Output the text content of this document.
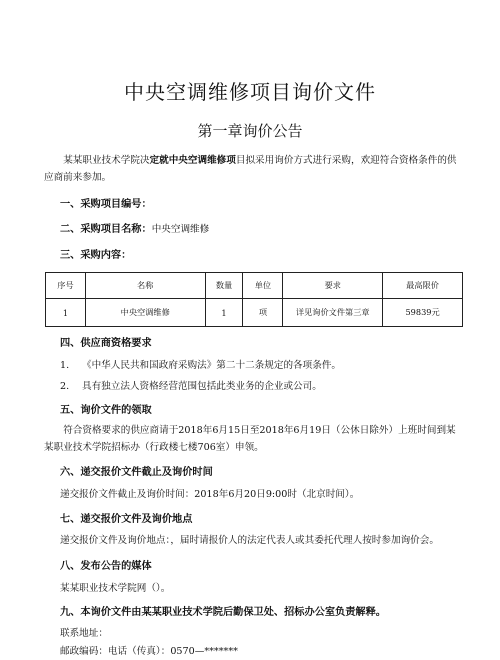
中央空调维修项目询价文件
第一章询价公告
某某职业技术学院决定就中央空调维修项目拟采用询价方式进行采购，欢迎符合资格条件的供应商前来参加。
一、采购项目编号：
二、采购项目名称：中央空调维修
三、采购内容：
序号	名称	数量	单位	要求	最高限价
1	中央空调维修	1	项	详见询价文件第三章	59839元
四、供应商资格要求
1. 《中华人民共和国政府采购法》第二十二条规定的各项条件。
2. 具有独立法人资格经营范围包括此类业务的企业或公司。
五、询价文件的领取
符合资格要求的供应商请于2018年6月15日至2018年6月19日（公休日除外）上班时间到某某职业技术学院招标办（行政楼七楼706室）申领。
六、递交报价文件截止及询价时间
递交报价文件截止及询价时间：2018年6月20日9:00时（北京时间）。
七、递交报价文件及询价地点
递交报价文件及询价地点：，届时请报价人的法定代表人或其委托代理人按时参加询价会。
八、发布公告的媒体
某某职业技术学院网（）。
九、本询价文件由某某职业技术学院后勤保卫处、招标办公室负责解释。
联系地址：
邮政编码：电话（传真）：0570—*******
